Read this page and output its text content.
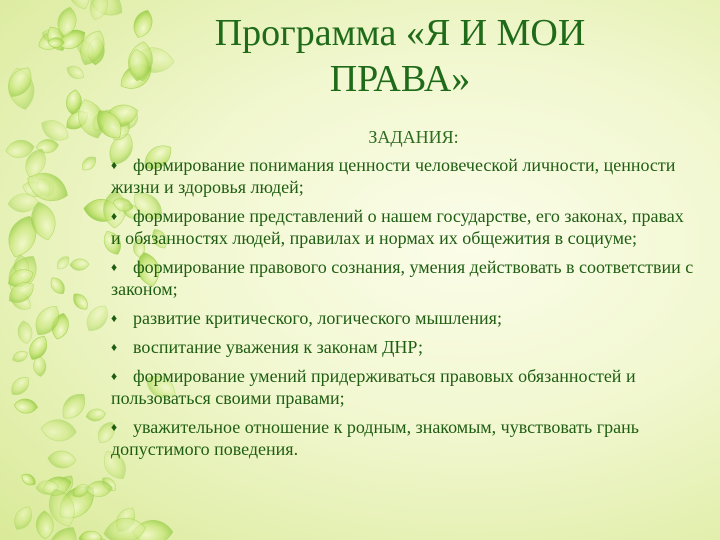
Программа «Я И МОИ ПРАВА»
ЗАДАНИЯ:
♦ формирование понимания ценности человеческой личности, ценности жизни и здоровья людей;
♦ формирование представлений о нашем государстве, его законах, правах и обязанностях людей, правилах и нормах их общежития в социуме;
♦ формирование правового сознания, умения действовать в соответствии с законом;
♦ развитие критического, логического мышления;
♦ воспитание уважения к законам ДНР;
♦ формирование умений придерживаться правовых обязанностей и пользоваться своими правами;
♦ уважительное отношение к родным, знакомым, чувствовать грань допустимого поведения.
